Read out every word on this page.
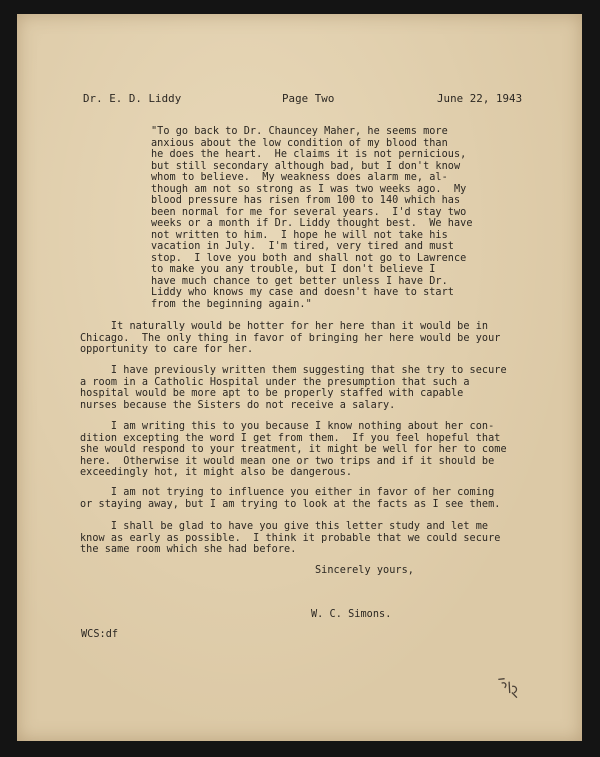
Dr. E. D. Liddy	Page Two	June 22, 1943
"To go back to Dr. Chauncey Maher, he seems more
anxious about the low condition of my blood than
he does the heart.  He claims it is not pernicious,
but still secondary although bad, but I don't know
whom to believe.  My weakness does alarm me, al-
though am not so strong as I was two weeks ago.  My
blood pressure has risen from 100 to 140 which has
been normal for me for several years.  I'd stay two
weeks or a month if Dr. Liddy thought best.  We have
not written to him.  I hope he will not take his
vacation in July.  I'm tired, very tired and must
stop.  I love you both and shall not go to Lawrence
to make you any trouble, but I don't believe I
have much chance to get better unless I have Dr.
Liddy who knows my case and doesn't have to start
from the beginning again."
It naturally would be hotter for her here than it would be in
Chicago.  The only thing in favor of bringing her here would be your
opportunity to care for her.
I have previously written them suggesting that she try to secure
a room in a Catholic Hospital under the presumption that such a
hospital would be more apt to be properly staffed with capable
nurses because the Sisters do not receive a salary.
I am writing this to you because I know nothing about her con-
dition excepting the word I get from them.  If you feel hopeful that
she would respond to your treatment, it might be well for her to come
here.  Otherwise it would mean one or two trips and if it should be
exceedingly hot, it might also be dangerous.
I am not trying to influence you either in favor of her coming
or staying away, but I am trying to look at the facts as I see them.
I shall be glad to have you give this letter study and let me
know as early as possible.  I think it probable that we could secure
the same room which she had before.
Sincerely yours,
W. C. Simons.
WCS:df
